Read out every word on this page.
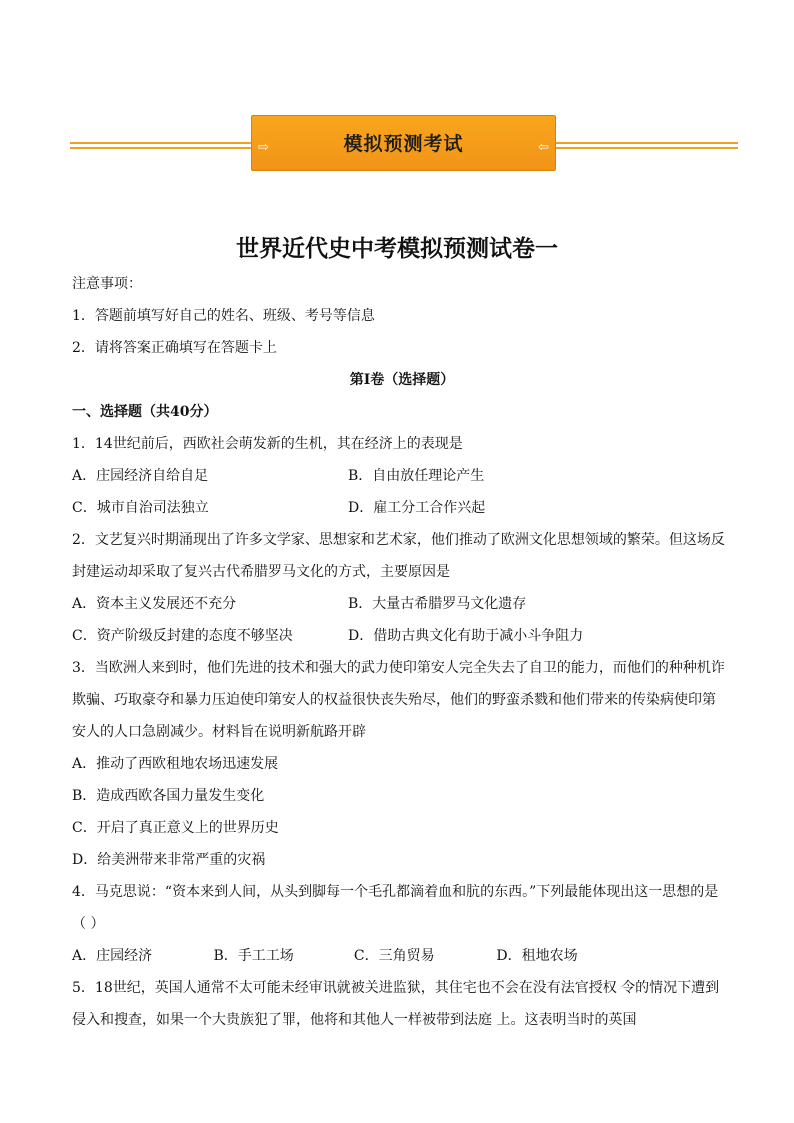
⇨	模拟预测考试	⇦
世界近代史中考模拟预测试卷一
注意事项：
1．答题前填写好自己的姓名、班级、考号等信息
2．请将答案正确填写在答题卡上
第I卷（选择题）
一、选择题（共40分）
1．14世纪前后，西欧社会萌发新的生机，其在经济上的表现是
A．庄园经济自给自足	B．自由放任理论产生
C．城市自治司法独立	D．雇工分工合作兴起
2．文艺复兴时期涌现出了许多文学家、思想家和艺术家，他们推动了欧洲文化思想领域的繁荣。但这场反
封建运动却采取了复兴古代希腊罗马文化的方式，主要原因是
A．资本主义发展还不充分	B．大量古希腊罗马文化遗存
C．资产阶级反封建的态度不够坚决	D．借助古典文化有助于减小斗争阻力
3．当欧洲人来到时，他们先进的技术和强大的武力使印第安人完全失去了自卫的能力，而他们的种种机诈
欺骗、巧取豪夺和暴力压迫使印第安人的权益很快丧失殆尽，他们的野蛮杀戮和他们带来的传染病使印第
安人的人口急剧减少。材料旨在说明新航路开辟
A．推动了西欧租地农场迅速发展
B．造成西欧各国力量发生变化
C．开启了真正意义上的世界历史
D．给美洲带来非常严重的灾祸
4．马克思说：“资本来到人间，从头到脚每一个毛孔都滴着血和肮的东西。”下列最能体现出这一思想的是
（ ）
A．庄园经济	B．手工工场	C．三角贸易	D．租地农场
5．18世纪，英国人通常不太可能未经审讯就被关进监狱，其住宅也不会在没有法官授权 令的情况下遭到
侵入和搜查，如果一个大贵族犯了罪，他将和其他人一样被带到法庭 上。这表明当时的英国
